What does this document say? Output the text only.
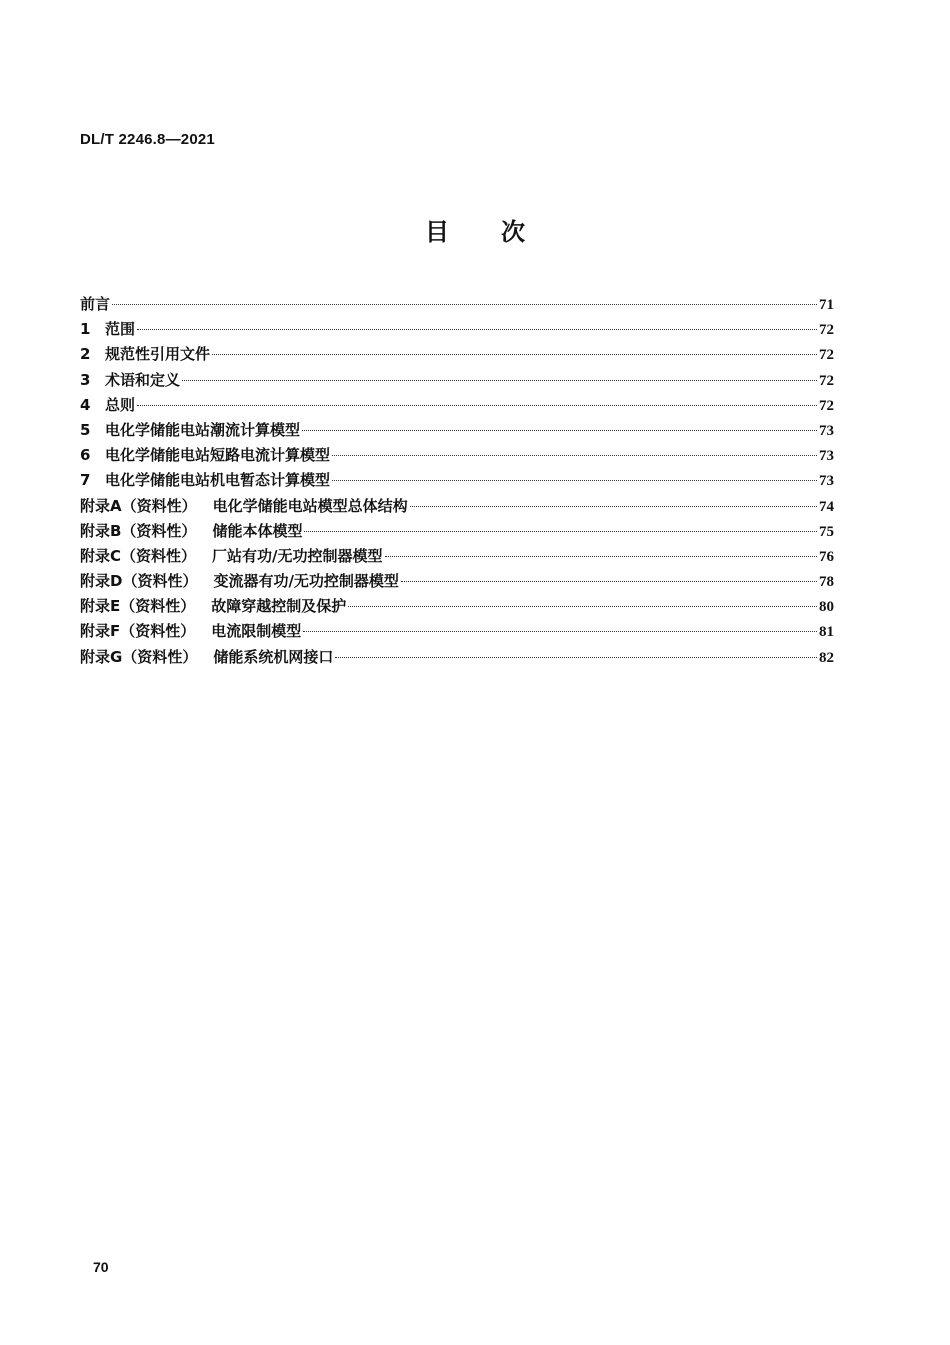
DL/T 2246.8—2021
目次
前言	71
1 范围	72
2 规范性引用文件	72
3 术语和定义	72
4 总则	72
5 电化学储能电站潮流计算模型	73
6 电化学储能电站短路电流计算模型	73
7 电化学储能电站机电暂态计算模型	73
附录A（资料性） 电化学储能电站模型总体结构	74
附录B（资料性） 储能本体模型	75
附录C（资料性） 厂站有功/无功控制器模型	76
附录D（资料性） 变流器有功/无功控制器模型	78
附录E（资料性） 故障穿越控制及保护	80
附录F（资料性） 电流限制模型	81
附录G（资料性） 储能系统机网接口	82
70
